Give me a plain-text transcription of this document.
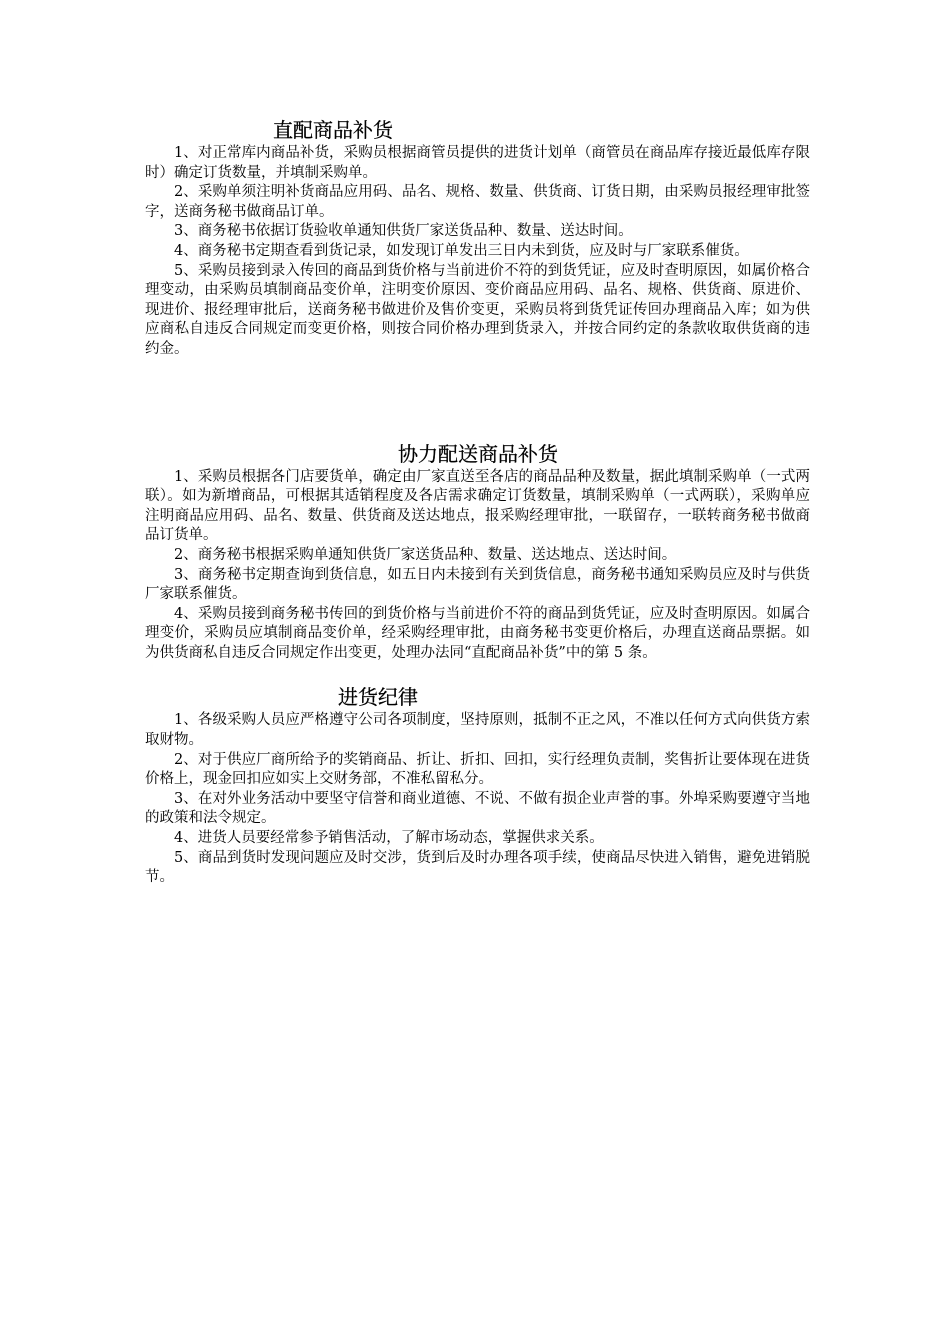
直配商品补货

1、对正常库内商品补货，采购员根据商管员提供的进货计划单（商管员在商品库存接近最低库存限时）确定订货数量，并填制采购单。

2、采购单须注明补货商品应用码、品名、规格、数量、供货商、订货日期，由采购员报经理审批签字，送商务秘书做商品订单。

3、商务秘书依据订货验收单通知供货厂家送货品种、数量、送达时间。

4、商务秘书定期查看到货记录，如发现订单发出三日内未到货，应及时与厂家联系催货。

5、采购员接到录入传回的商品到货价格与当前进价不符的到货凭证，应及时查明原因，如属价格合理变动，由采购员填制商品变价单，注明变价原因、变价商品应用码、品名、规格、供货商、原进价、现进价、报经理审批后，送商务秘书做进价及售价变更，采购员将到货凭证传回办理商品入库；如为供应商私自违反合同规定而变更价格，则按合同价格办理到货录入，并按合同约定的条款收取供货商的违约金。

协力配送商品补货

1、采购员根据各门店要货单，确定由厂家直送至各店的商品品种及数量，据此填制采购单（一式两联）。如为新增商品，可根据其适销程度及各店需求确定订货数量，填制采购单（一式两联），采购单应注明商品应用码、品名、数量、供货商及送达地点，报采购经理审批，一联留存，一联转商务秘书做商品订货单。

2、商务秘书根据采购单通知供货厂家送货品种、数量、送达地点、送达时间。

3、商务秘书定期查询到货信息，如五日内未接到有关到货信息，商务秘书通知采购员应及时与供货厂家联系催货。

4、采购员接到商务秘书传回的到货价格与当前进价不符的商品到货凭证，应及时查明原因。如属合理变价，采购员应填制商品变价单，经采购经理审批，由商务秘书变更价格后，办理直送商品票据。如为供货商私自违反合同规定作出变更，处理办法同“直配商品补货”中的第 5 条。

进货纪律

1、各级采购人员应严格遵守公司各项制度，坚持原则，抵制不正之风，不准以任何方式向供货方索取财物。

2、对于供应厂商所给予的奖销商品、折让、折扣、回扣，实行经理负责制，奖售折让要体现在进货价格上，现金回扣应如实上交财务部，不准私留私分。

3、在对外业务活动中要坚守信誉和商业道德、不说、不做有损企业声誉的事。外埠采购要遵守当地的政策和法令规定。

4、进货人员要经常参予销售活动，了解市场动态，掌握供求关系。

5、商品到货时发现问题应及时交涉，货到后及时办理各项手续，使商品尽快进入销售，避免进销脱节。
